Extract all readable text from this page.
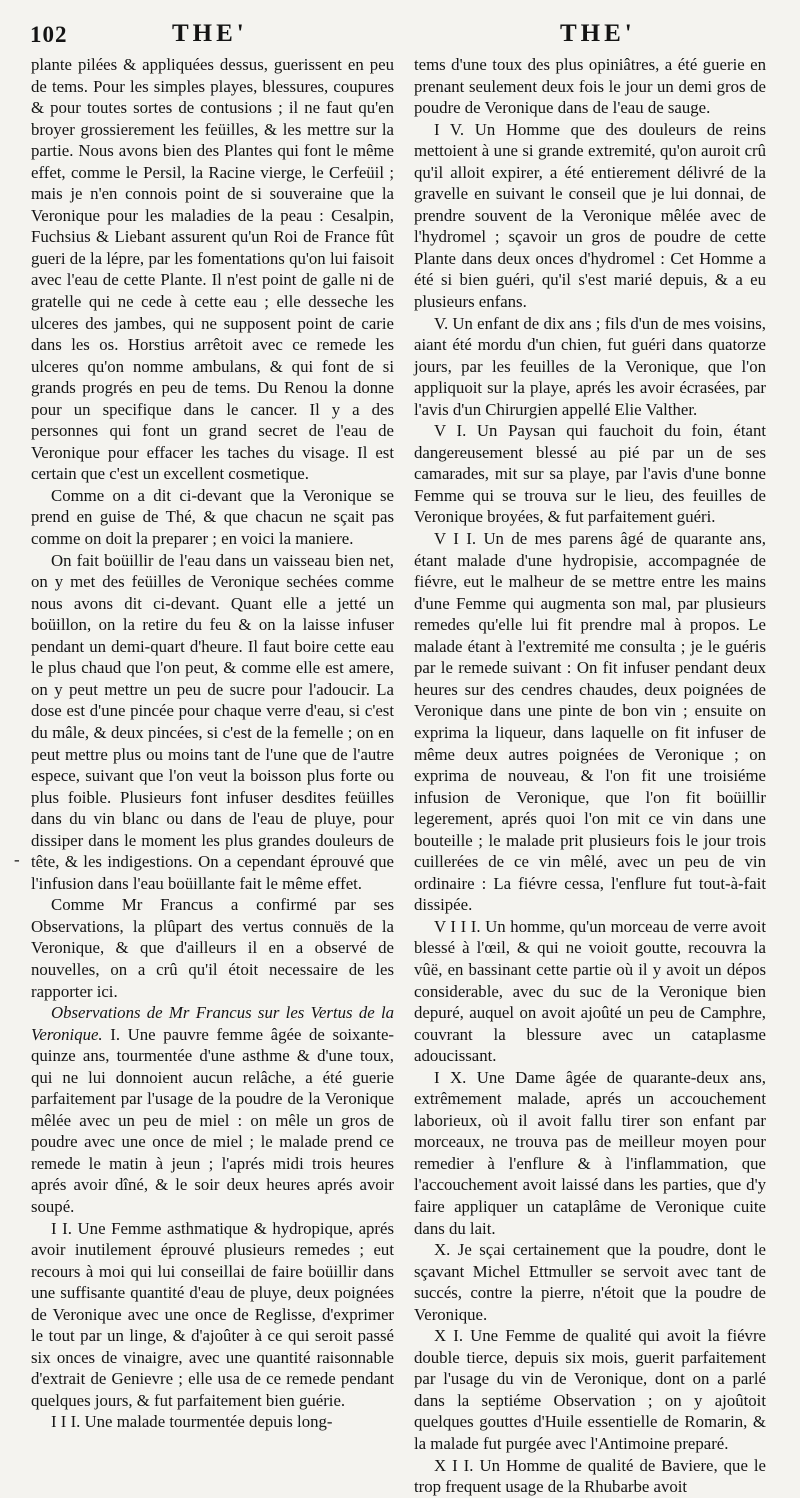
102	THE'	THE'
-

plante pilées & appliquées dessus, guerissent en peu de tems. Pour les simples playes, blessures, coupures & pour toutes sortes de contusions ; il ne faut qu'en broyer grossierement les feüilles, & les mettre sur la partie. Nous avons bien des Plantes qui font le même effet, comme le Persil, la Racine vierge, le Cerfeüil ; mais je n'en connois point de si souveraine que la Veronique pour les maladies de la peau : Cesalpin, Fuchsius & Liebant assurent qu'un Roi de France fût gueri de la lépre, par les fomentations qu'on lui faisoit avec l'eau de cette Plante. Il n'est point de galle ni de gratelle qui ne cede à cette eau ; elle desseche les ulceres des jambes, qui ne supposent point de carie dans les os. Horstius arrêtoit avec ce remede les ulceres qu'on nomme ambulans, & qui font de si grands progrés en peu de tems. Du Renou la donne pour un specifique dans le cancer. Il y a des personnes qui font un grand secret de l'eau de Veronique pour effacer les taches du visage. Il est certain que c'est un excellent cosmetique.

Comme on a dit ci-devant que la Veronique se prend en guise de Thé, & que chacun ne sçait pas comme on doit la preparer ; en voici la maniere.

On fait boüillir de l'eau dans un vaisseau bien net, on y met des feüilles de Veronique sechées comme nous avons dit ci-devant. Quant elle a jetté un boüillon, on la retire du feu & on la laisse infuser pendant un demi-quart d'heure. Il faut boire cette eau le plus chaud que l'on peut, & comme elle est amere, on y peut mettre un peu de sucre pour l'adoucir. La dose est d'une pincée pour chaque verre d'eau, si c'est du mâle, & deux pincées, si c'est de la femelle ; on en peut mettre plus ou moins tant de l'une que de l'autre espece, suivant que l'on veut la boisson plus forte ou plus foible. Plusieurs font infuser desdites feüilles dans du vin blanc ou dans de l'eau de pluye, pour dissiper dans le moment les plus grandes douleurs de tête, & les indigestions. On a cependant éprouvé que l'infusion dans l'eau boüillante fait le même effet.

Comme Mr Francus a confirmé par ses Observations, la plûpart des vertus connuës de la Veronique, & que d'ailleurs il en a observé de nouvelles, on a crû qu'il étoit necessaire de les rapporter ici.

Observations de Mr Francus sur les Vertus de la Veronique. I. Une pauvre femme âgée de soixante-quinze ans, tourmentée d'une asthme & d'une toux, qui ne lui donnoient aucun relâche, a été guerie parfaitement par l'usage de la poudre de la Veronique mêlée avec un peu de miel : on mêle un gros de poudre avec une once de miel ; le malade prend ce remede le matin à jeun ; l'aprés midi trois heures aprés avoir dîné, & le soir deux heures aprés avoir soupé.

I I. Une Femme asthmatique & hydropique, aprés avoir inutilement éprouvé plusieurs remedes ; eut recours à moi qui lui conseillai de faire boüillir dans une suffisante quantité d'eau de pluye, deux poignées de Veronique avec une once de Reglisse, d'exprimer le tout par un linge, & d'ajoûter à ce qui seroit passé six onces de vinaigre, avec une quantité raisonnable d'extrait de Genievre ; elle usa de ce remede pendant quelques jours, & fut parfaitement bien guérie.

I I I. Une malade tourmentée depuis long-

tems d'une toux des plus opiniâtres, a été guerie en prenant seulement deux fois le jour un demi gros de poudre de Veronique dans de l'eau de sauge.

I V. Un Homme que des douleurs de reins mettoient à une si grande extremité, qu'on auroit crû qu'il alloit expirer, a été entierement délivré de la gravelle en suivant le conseil que je lui donnai, de prendre souvent de la Veronique mêlée avec de l'hydromel ; sçavoir un gros de poudre de cette Plante dans deux onces d'hydromel : Cet Homme a été si bien guéri, qu'il s'est marié depuis, & a eu plusieurs enfans.

V. Un enfant de dix ans ; fils d'un de mes voisins, aiant été mordu d'un chien, fut guéri dans quatorze jours, par les feuilles de la Veronique, que l'on appliquoit sur la playe, aprés les avoir écrasées, par l'avis d'un Chirurgien appellé Elie Valther.

V I. Un Paysan qui fauchoit du foin, étant dangereusement blessé au pié par un de ses camarades, mit sur sa playe, par l'avis d'une bonne Femme qui se trouva sur le lieu, des feuilles de Veronique broyées, & fut parfaitement guéri.

V I I. Un de mes parens âgé de quarante ans, étant malade d'une hydropisie, accompagnée de fiévre, eut le malheur de se mettre entre les mains d'une Femme qui augmenta son mal, par plusieurs remedes qu'elle lui fit prendre mal à propos. Le malade étant à l'extremité me consulta ; je le guéris par le remede suivant : On fit infuser pendant deux heures sur des cendres chaudes, deux poignées de Veronique dans une pinte de bon vin ; ensuite on exprima la liqueur, dans laquelle on fit infuser de même deux autres poignées de Veronique ; on exprima de nouveau, & l'on fit une troisiéme infusion de Veronique, que l'on fit boüillir legerement, aprés quoi l'on mit ce vin dans une bouteille ; le malade prit plusieurs fois le jour trois cuillerées de ce vin mêlé, avec un peu de vin ordinaire : La fiévre cessa, l'enflure fut tout-à-fait dissipée.

V I I I. Un homme, qu'un morceau de verre avoit blessé à l'œil, & qui ne voioit goutte, recouvra la vûë, en bassinant cette partie où il y avoit un dépos considerable, avec du suc de la Veronique bien depuré, auquel on avoit ajoûté un peu de Camphre, couvrant la blessure avec un cataplasme adoucissant.

I X. Une Dame âgée de quarante-deux ans, extrêmement malade, aprés un accouchement laborieux, où il avoit fallu tirer son enfant par morceaux, ne trouva pas de meilleur moyen pour remedier à l'enflure & à l'inflammation, que l'accouchement avoit laissé dans les parties, que d'y faire appliquer un cataplâme de Veronique cuite dans du lait.

X. Je sçai certainement que la poudre, dont le sçavant Michel Ettmuller se servoit avec tant de succés, contre la pierre, n'étoit que la poudre de Veronique.

X I. Une Femme de qualité qui avoit la fiévre double tierce, depuis six mois, guerit parfaitement par l'usage du vin de Veronique, dont on a parlé dans la septiéme Observation ; on y ajoûtoit quelques gouttes d'Huile essentielle de Romarin, & la malade fut purgée avec l'Antimoine preparé.

X I I. Un Homme de qualité de Baviere, que le trop frequent usage de la Rhubarbe avoit
